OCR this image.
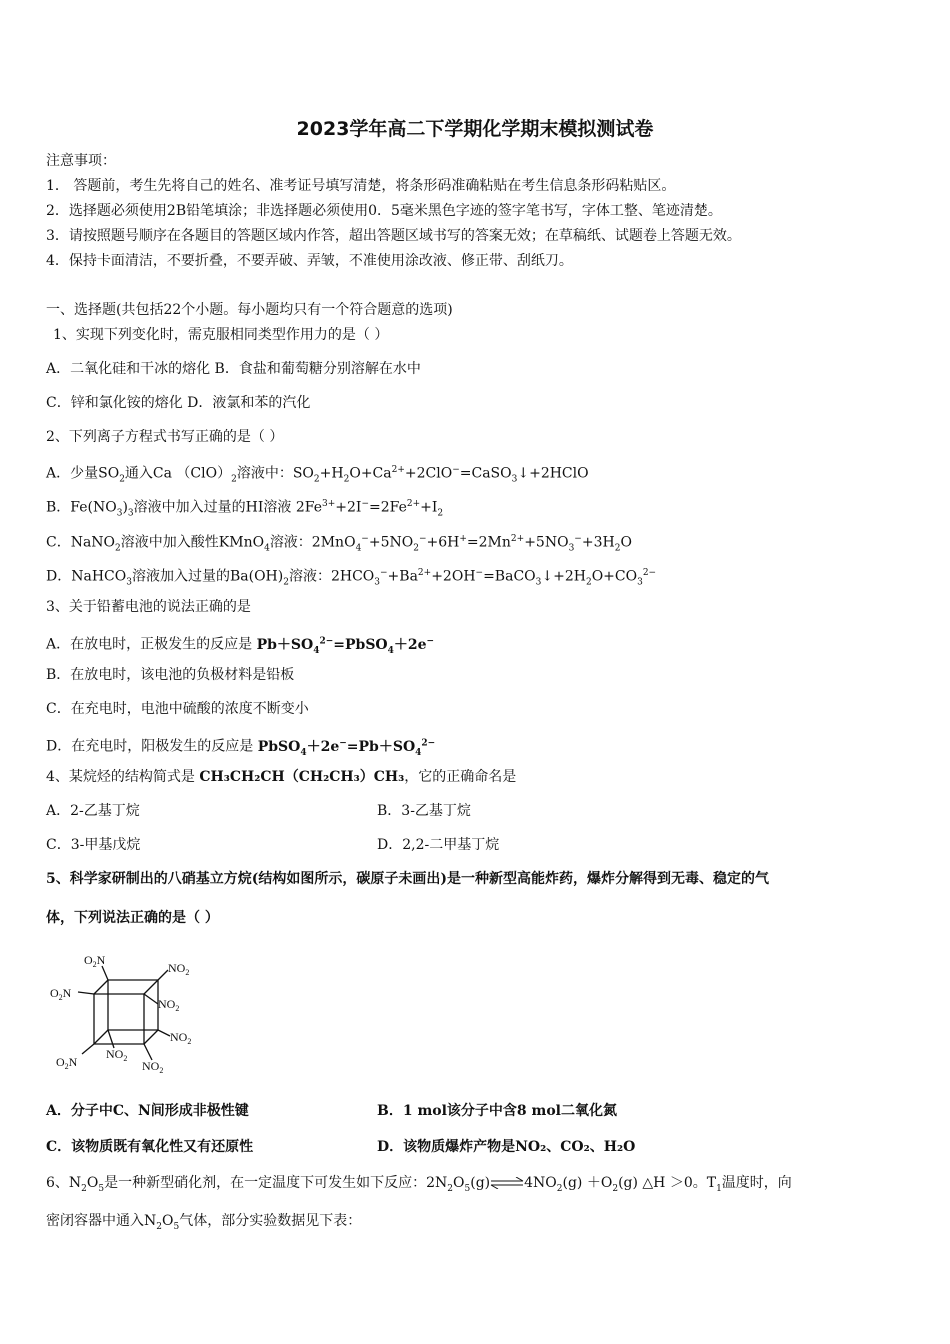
2023学年高二下学期化学期末模拟测试卷
注意事项：
1． 答题前，考生先将自己的姓名、准考证号填写清楚，将条形码准确粘贴在考生信息条形码粘贴区。
2．选择题必须使用2B铅笔填涂；非选择题必须使用0．5毫米黑色字迹的签字笔书写，字体工整、笔迹清楚。
3．请按照题号顺序在各题目的答题区域内作答，超出答题区域书写的答案无效；在草稿纸、试题卷上答题无效。
4．保持卡面清洁，不要折叠，不要弄破、弄皱，不准使用涂改液、修正带、刮纸刀。
一、选择题(共包括22个小题。每小题均只有一个符合题意的选项)
1、实现下列变化时，需克服相同类型作用力的是（ ）
A．二氧化硅和干冰的熔化 B．食盐和葡萄糖分别溶解在水中
C．锌和氯化铵的熔化 D．液氯和苯的汽化
2、下列离子方程式书写正确的是（ ）
A．少量$SO_2$通入Ca $(ClO)_2$溶液中：$SO_2+H_2O+Ca^{2+}+2ClO^-=CaSO_3↓+2HClO$
B．$Fe(NO_3)_3$溶液中加入过量的HI溶液 $2Fe^{3+}+2I^-=2Fe^{2+}+I_2$
C．NaNO$_2$溶液中加入酸性KMnO$_4$溶液：$2MnO_4^-+5NO_2^-+6H^+=2Mn^{2+}+5NO_3^-+3H_2O$
D．NaHCO$_3$溶液加入过量的$Ba(OH)_2$溶液：$2HCO_3^-+Ba^{2+}+2OH^-=BaCO_3↓+2H_2O+CO_3^{2-}$
3、关于铅蓄电池的说法正确的是
A．在放电时，正极发生的反应是 $Pb+SO_4^{2-}=PbSO_4+2e^-$
B．在放电时，该电池的负极材料是铅板
C．在充电时，电池中硫酸的浓度不断变小
D．在充电时，阳极发生的反应是 $PbSO_4+2e^-=Pb+SO_4^{2-}$
4、某烷烃的结构简式是 CH₃CH₂CH（CH₂CH₃）CH₃，它的正确命名是
A．2-乙基丁烷	B．3-乙基丁烷
C．3-甲基戊烷	D．2,2-二甲基丁烷
5、科学家研制出的八硝基立方烷(结构如图所示，碳原子未画出)是一种新型高能炸药，爆炸分解得到无毒、稳定的气
体，下列说法正确的是（ ）
$O_2N$
$NO_2$
$O_2N$
$NO_2$
$NO_2$
$O_2N$
$NO_2$
$NO_2$
A．分子中C、N间形成非极性键	B．1 mol该分子中含8 mol二氧化氮
C．该物质既有氧化性又有还原性	D．该物质爆炸产物是NO₂、CO₂、H₂O
6、$N_2O_5$是一种新型硝化剂，在一定温度下可发生如下反应：$2N_2O_5(g)\rightleftharpoons 4NO_2(g) +O_2(g)$ △H ＞0。$T_1$温度时，向
密闭容器中通入$N_2O_5$气体，部分实验数据见下表：
